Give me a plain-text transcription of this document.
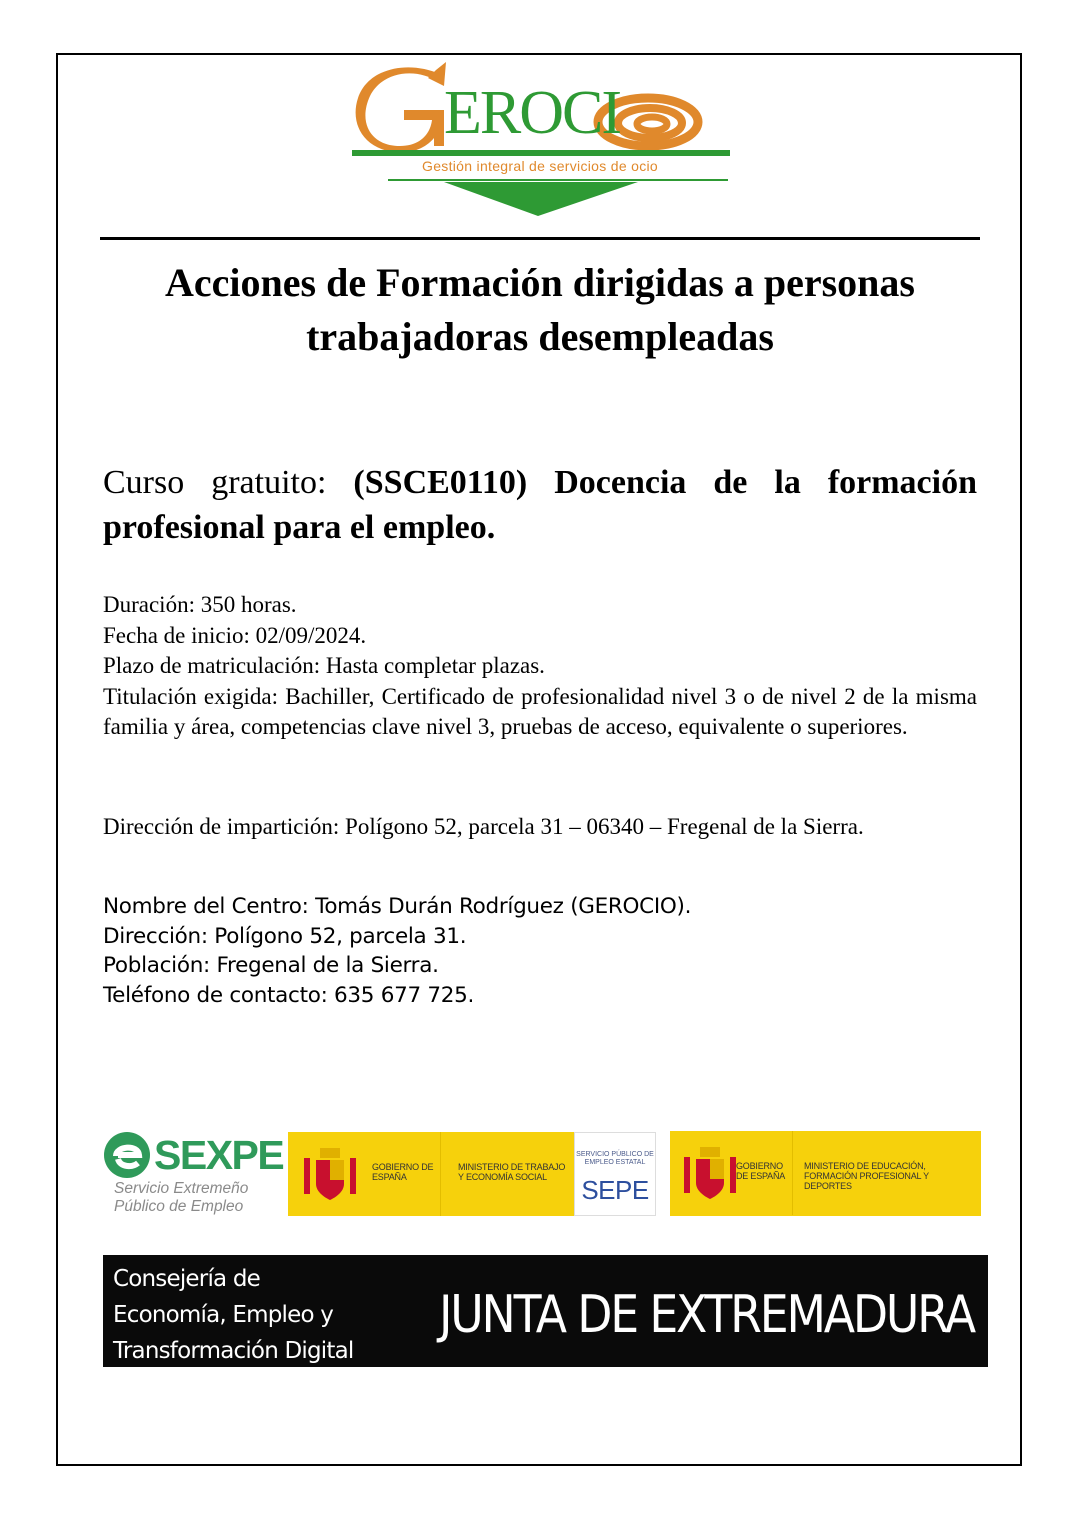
EROCI
Gestión integral de servicios de ocio
Acciones de Formación dirigidas a personas
trabajadoras desempleadas
Curso gratuito: (SSCE0110) Docencia de la formación profesional para el empleo.

Duración: 350 horas.

Fecha de inicio: 02/09/2024.

Plazo de matriculación: Hasta completar plazas.

Titulación exigida: Bachiller, Certificado de profesionalidad nivel 3 o de nivel 2 de la misma familia y área, competencias clave nivel 3, pruebas de acceso, equivalente o superiores.

Dirección de impartición: Polígono 52, parcela 31 – 06340 – Fregenal de la Sierra.

Nombre del Centro: Tomás Durán Rodríguez (GEROCIO).

Dirección: Polígono 52, parcela 31.

Población: Fregenal de la Sierra.

Teléfono de contacto: 635 677 725.

SEXPE
Servicio Extremeño
Público de Empleo
GOBIERNO DE ESPAÑA
MINISTERIO DE TRABAJO Y ECONOMÍA SOCIAL
SERVICIO PÚBLICO DE EMPLEO ESTATAL
SEPE
GOBIERNO DE ESPAÑA
MINISTERIO DE EDUCACIÓN, FORMACIÓN PROFESIONAL Y DEPORTES

Consejería de

Economía, Empleo y

Transformación Digital

JUNTA DE EXTREMADURA
